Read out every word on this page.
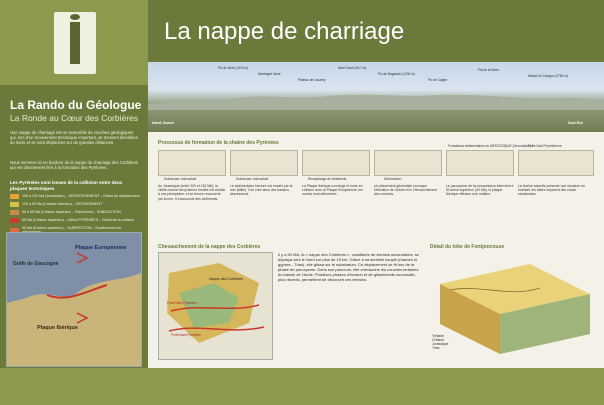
La Rando du Géologue
La Ronde au Cœur des Corbières
Une nappe de charriage est un ensemble de couches géologiques qui, lors d'un mouvement tectonique important, se trouvent décollées du socle et se sont déplacées sur de grandes distances.
Nous sommes ici en bordure de la nappe de charriage des Corbières qui est directement liée à la formation des Pyrénées.
Les Pyrénées sont issues de la collision entre deux plaques tectoniques
150 à 120 Ma (Jurassique) – DECROCHEMENT – Début du déplacement
120 à 90 Ma (Crétacé inférieur) – DECHIREMENT
90 à 65 Ma (Crétacé supérieur – Paléocène) – SUBDUCTION
65 Ma (Crétacé supérieur) – Début PYRÉNÉES – Début de la collision
50 Ma (Eocène supérieur) – SURRECTION – Soulèvement en
Golfe de Gascogne
Plaque Européenne
Plaque Ibérique
La nappe de charriage
Pic de Nore (1210 m)
Montagne Noire
Plateau de Lacamp
Mont Tauch (917 m)
Pic de Bugarach (1230 m)
Pic de Cagire
Pla de la Serre
Massif du Canigou (2784 m)
Nord Ouest	Sud Est
Processus de formation de la chaîne des Pyrénées
Subduction horizontale	Subduction horizontale	Remplissage de sédiments	Déformation
Formations sédimentaires du MESOZOÏQUE (Secondaire)
Faille Nord Pyrénéenne
Au Jurassique (entre 200 et 130 MA), la vieille chaîne hercynienne érodée est réduite à une pénéplaine; et se trouve recouverte par la mer. Il s'accumule des sédiments.
Le sédimentaire fracturé est envahi par la mer (faille). Il se crée alors des bassins, dépressions.
La Plaque Ibérique converge et entre en collision avec la Plaque Européenne, les roches sont déformées.
Un plissement généralisé provoque l'élévation de roches et le chevauchement des couches.
Le paroxysme de la compression intervient à l'Eocène supérieur (40 Ma), la plaque Ibérique effectue une rotation.
La chaîne actuelle présente une structure en éventail, les failles séparent des zones structurales.
Chevauchement de la nappe des Corbières
Nappe des Corbières
Front Nord Pyrénéen
Front Nord-Pyrénéen
Il y a 40 MA, la « nappe des Corbières », constituée de terrains secondaires, se déplaça vers le Nord sur plus de 15 km. Grâce à sa semelle souple (marnes et gypses - Trias), elle glissa sur le substratum. Ce déplacement se fit lors de la phase de paroxysme. Dans son parcours, elle chevauche les couches tertiaires du bassin de l'Aude. Plusieurs phases d'érosion et de glissements successifs, plus récents, permettent de découvrir ces terrains.
Détail du lobe de Fontjoncouse
Tertiaire
Crétacé
Jurassique
Trias
